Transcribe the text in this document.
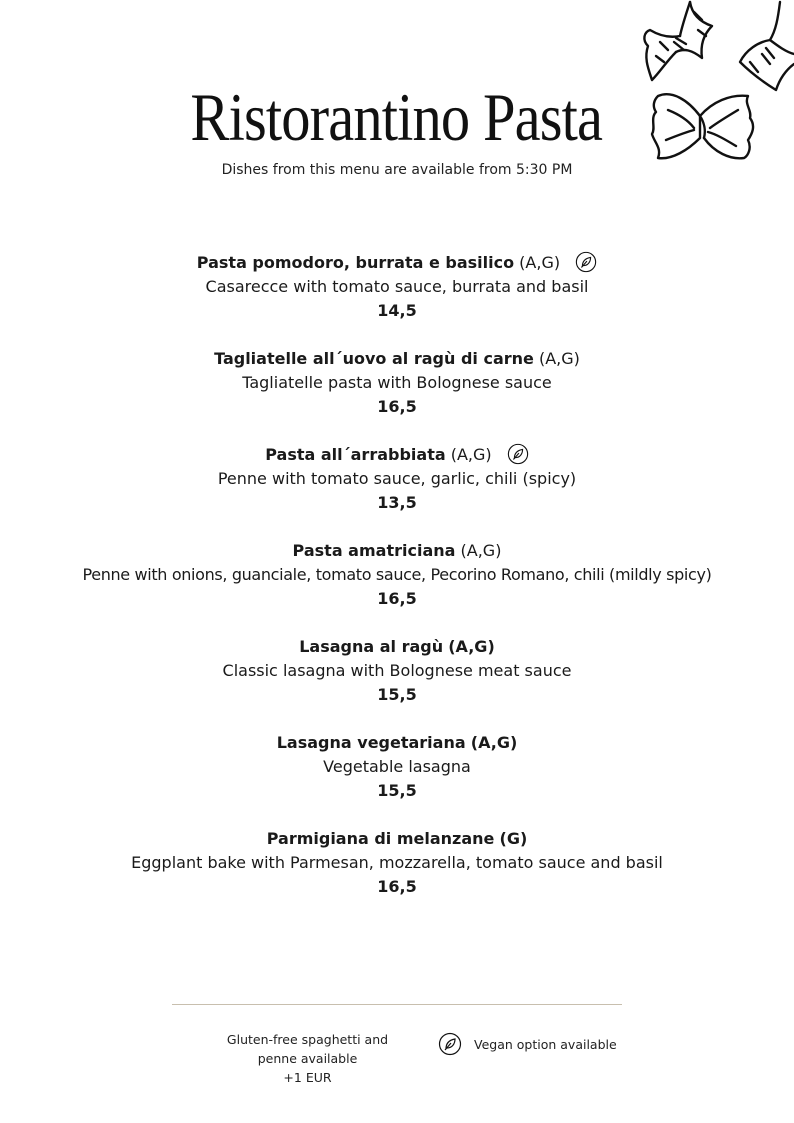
Ristorantino Pasta
Dishes from this menu are available from 5:30 PM
Pasta pomodoro, burrata e basilico (A,G)
Casarecce with tomato sauce, burrata and basil
14,5
Tagliatelle all´uovo al ragù di carne (A,G)
Tagliatelle pasta with Bolognese sauce
16,5
Pasta all´arrabbiata (A,G)
Penne with tomato sauce, garlic, chili (spicy)
13,5
Pasta amatriciana (A,G)
Penne with onions, guanciale, tomato sauce, Pecorino Romano, chili (mildly spicy)
16,5
Lasagna al ragù (A,G)
Classic lasagna with Bolognese meat sauce
15,5
Lasagna vegetariana (A,G)
Vegetable lasagna
15,5
Parmigiana di melanzane (G)
Eggplant bake with Parmesan, mozzarella, tomato sauce and basil
16,5
Gluten-free spaghetti and
penne available
+1 EUR
Vegan option available
